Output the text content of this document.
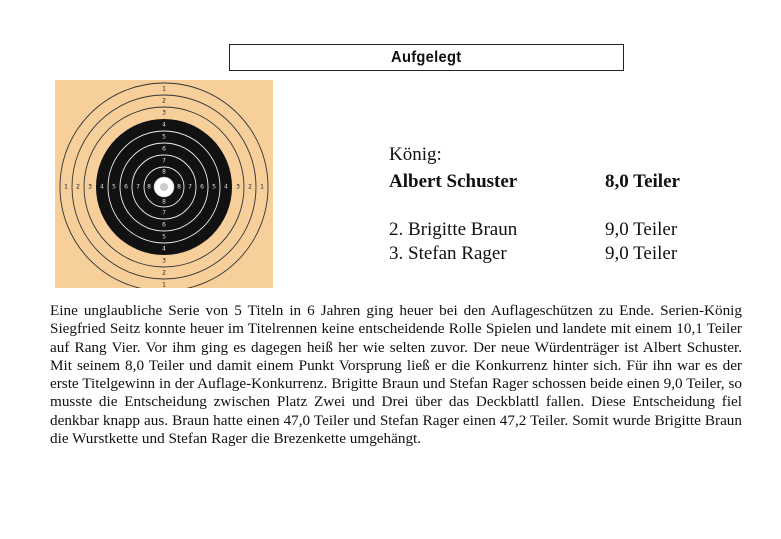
Aufgelegt
1	1
1
1
2	2
2
2
3	3
3
3
4	4
4
4
5	5
5
5
6	6
6
6
7	7
7
7
8	8
8
8
König:
Albert Schuster	8,0 Teiler
2. Brigitte Braun	9,0 Teiler
3. Stefan Rager	9,0 Teiler

Eine unglaubliche Serie von 5 Titeln in 6 Jahren ging heuer bei den Auflageschützen zu Ende. Serien-König Siegfried Seitz konnte heuer im Titelrennen keine entscheidende Rolle Spielen und landete mit einem 10,1 Teiler auf Rang Vier. Vor ihm ging es dagegen heiß her wie selten zuvor. Der neue Würdenträger ist Albert Schuster. Mit seinem 8,0 Teiler und damit einem Punkt Vorsprung ließ er die Konkurrenz hinter sich. Für ihn war es der erste Titelgewinn in der Auflage-Konkurrenz. Brigitte Braun und Stefan Rager schossen beide einen 9,0 Teiler, so musste die Entscheidung zwischen Platz Zwei und Drei über das Deckblattl fallen. Diese Entscheidung fiel denkbar knapp aus. Braun hatte einen 47,0 Teiler und Stefan Rager einen 47,2 Teiler. Somit wurde Brigitte Braun die Wurstkette und Stefan Rager die Brezenkette umgehängt.
